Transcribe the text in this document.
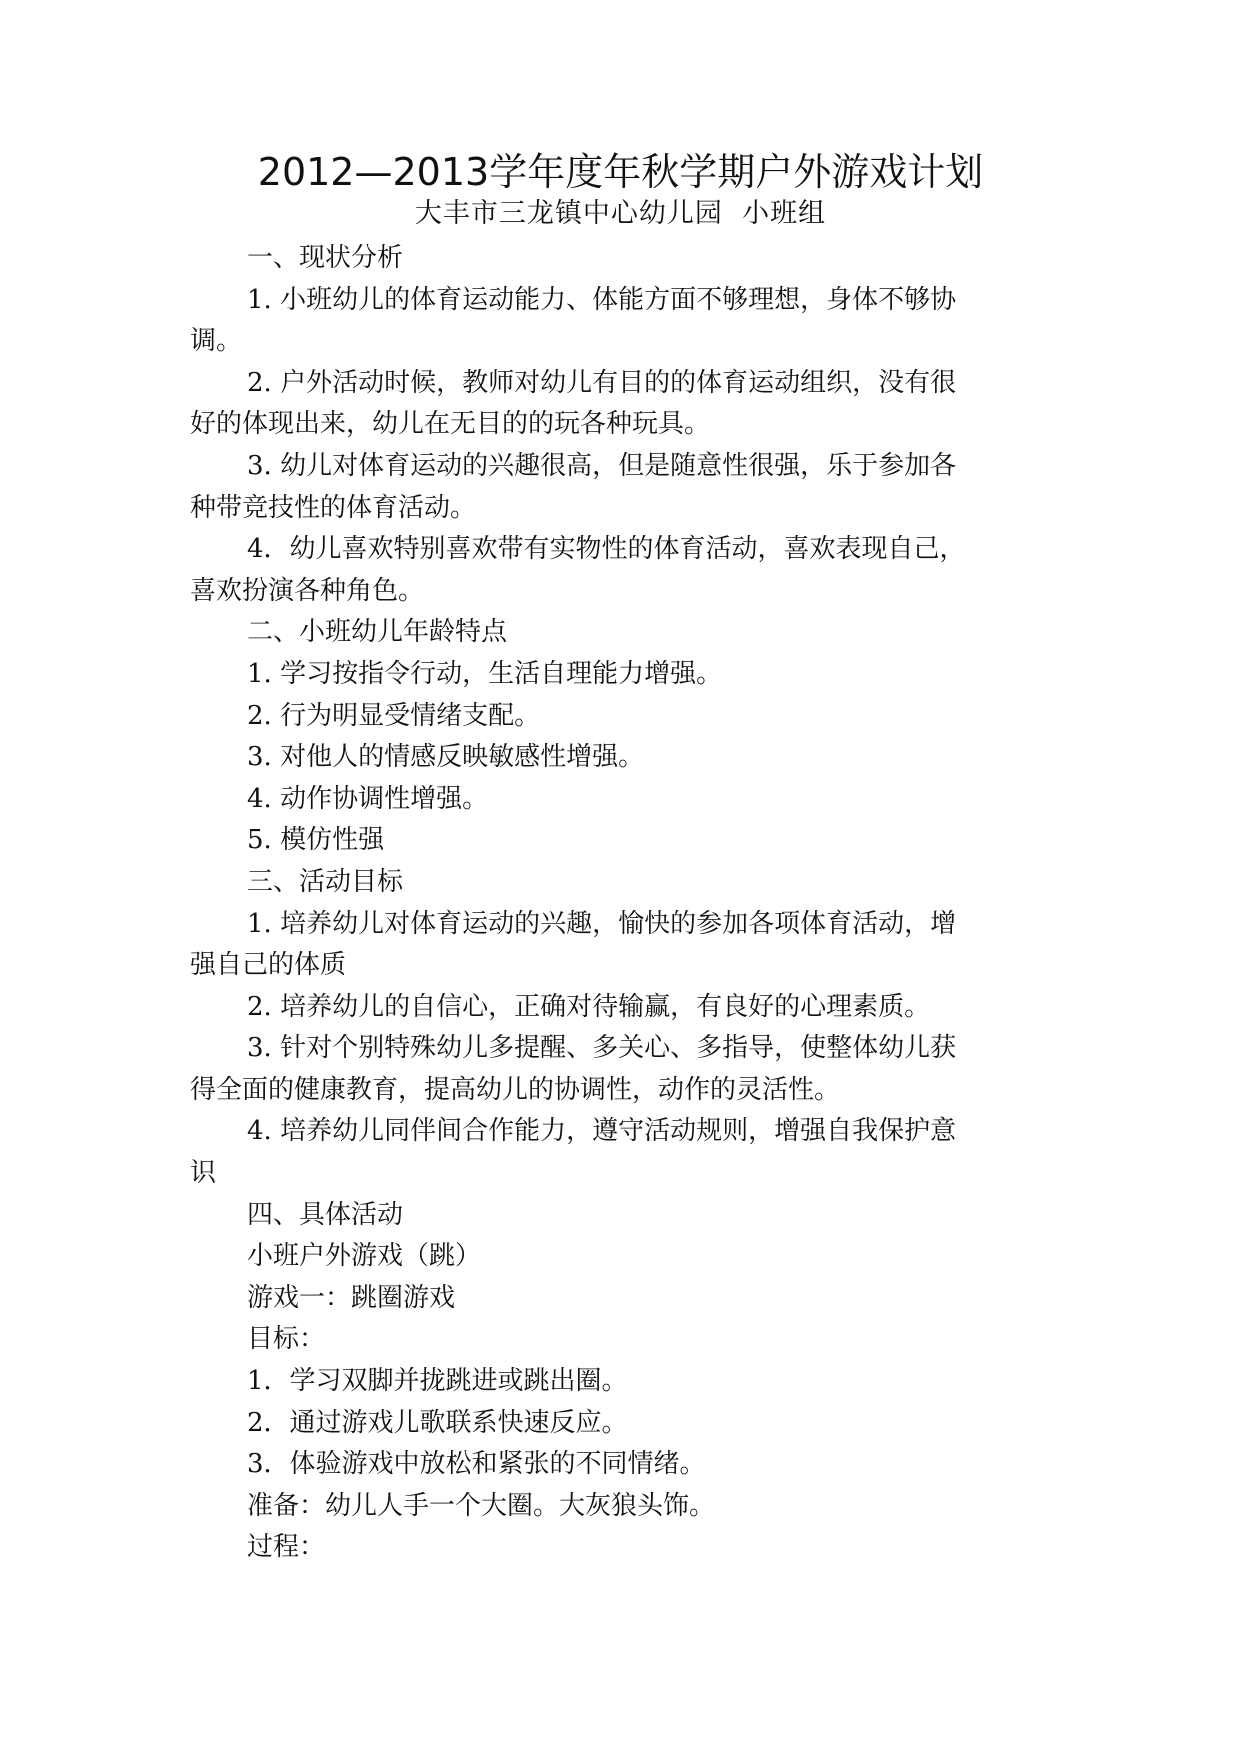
2012—2013学年度年秋学期户外游戏计划
大丰市三龙镇中心幼儿园  小班组
一、现状分析
1. 小班幼儿的体育运动能力、体能方面不够理想，身体不够协
调。
2. 户外活动时候，教师对幼儿有目的的体育运动组织，没有很
好的体现出来，幼儿在无目的的玩各种玩具。
3. 幼儿对体育运动的兴趣很高，但是随意性很强，乐于参加各
种带竞技性的体育活动。
4．幼儿喜欢特别喜欢带有实物性的体育活动，喜欢表现自己，
喜欢扮演各种角色。
二、小班幼儿年龄特点
1. 学习按指令行动，生活自理能力增强。
2. 行为明显受情绪支配。
3. 对他人的情感反映敏感性增强。
4. 动作协调性增强。
5. 模仿性强
三、活动目标
1. 培养幼儿对体育运动的兴趣，愉快的参加各项体育活动，增
强自己的体质
2. 培养幼儿的自信心，正确对待输赢，有良好的心理素质。
3. 针对个别特殊幼儿多提醒、多关心、多指导，使整体幼儿获
得全面的健康教育，提高幼儿的协调性，动作的灵活性。
4. 培养幼儿同伴间合作能力，遵守活动规则，增强自我保护意
识
四、具体活动
小班户外游戏（跳）
游戏一：跳圈游戏
目标：
1．学习双脚并拢跳进或跳出圈。
2．通过游戏儿歌联系快速反应。
3．体验游戏中放松和紧张的不同情绪。
准备：幼儿人手一个大圈。大灰狼头饰。
过程：
